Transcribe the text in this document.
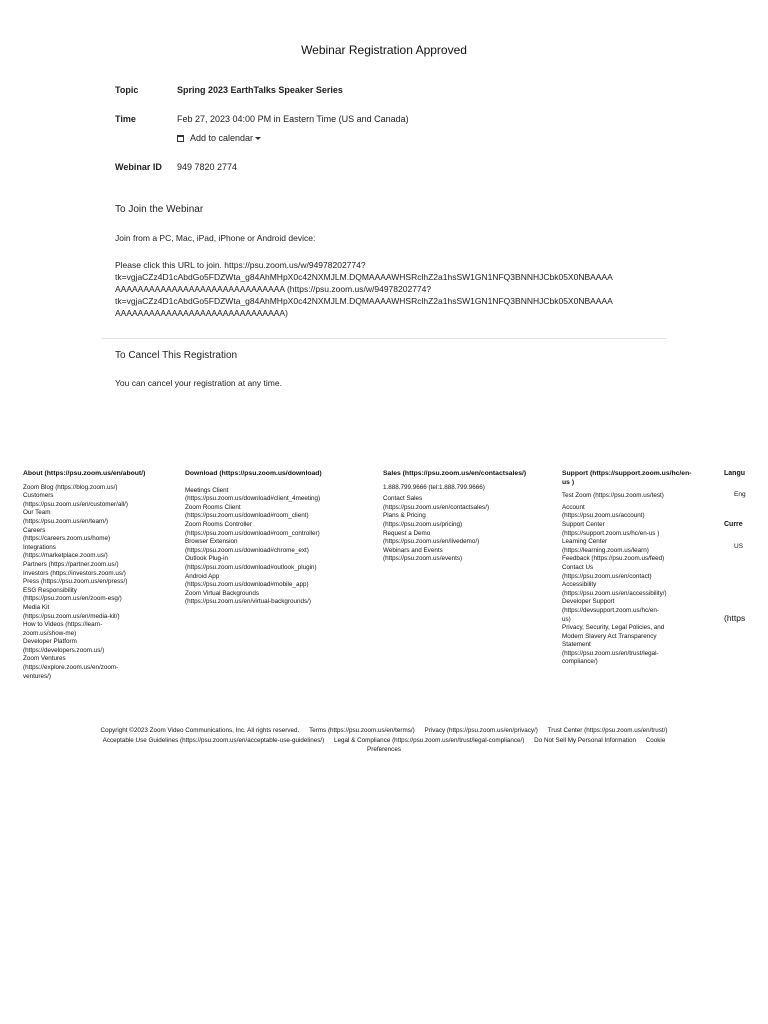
Webinar Registration Approved
Topic	Spring 2023 EarthTalks Speaker Series
Time	Feb 27, 2023 04:00 PM in Eastern Time (US and Canada)
Add to calendar
Webinar ID 949 7820 2774
To Join the Webinar
Join from a PC, Mac, iPad, iPhone or Android device:
Please click this URL to join. https://psu.zoom.us/w/94978202774?
tk=vgjaCZz4D1cAbdGo5FDZWta_g84AhMHpX0c42NXMJLM.DQMAAAAWHSRclhZ2a1hsSW1GN1NFQ3BNNHJCbk05X0NBAAAA
AAAAAAAAAAAAAAAAAAAAAAAAAAAAAA (https://psu.zoom.us/w/94978202774?
tk=vgjaCZz4D1cAbdGo5FDZWta_g84AhMHpX0c42NXMJLM.DQMAAAAWHSRclhZ2a1hsSW1GN1NFQ3BNNHJCbk05X0NBAAAA
AAAAAAAAAAAAAAAAAAAAAAAAAAAAAA)
To Cancel This Registration
You can cancel your registration at any time.
About (https://psu.zoom.us/en/about/)
Zoom Blog (https://blog.zoom.us/)
Customers
(https://psu.zoom.us/en/customer/all/)
Our Team
(https://psu.zoom.us/en/team/)
Careers
(https://careers.zoom.us/home)
Integrations
(https://marketplace.zoom.us/)
Partners (https://partner.zoom.us/)
Investors (https://investors.zoom.us/)
Press (https://psu.zoom.us/en/press/)
ESG Responsibility
(https://psu.zoom.us/en/zoom-esg/)
Media Kit
(https://psu.zoom.us/en/media-kit/)
How to Videos (https://learn-
zoom.us/show-me)
Developer Platform
(https://developers.zoom.us/)
Zoom Ventures
(https://explore.zoom.us/en/zoom-
ventures/)
Download (https://psu.zoom.us/download)
Meetings Client
(https://psu.zoom.us/download#client_4meeting)
Zoom Rooms Client
(https://psu.zoom.us/download#room_client)
Zoom Rooms Controller
(https://psu.zoom.us/download#room_controller)
Browser Extension
(https://psu.zoom.us/download#chrome_ext)
Outlook Plug-in
(https://psu.zoom.us/download#outlook_plugin)
Android App
(https://psu.zoom.us/download#mobile_app)
Zoom Virtual Backgrounds
(https://psu.zoom.us/en/virtual-backgrounds/)
Sales (https://psu.zoom.us/en/contactsales/)
1.888.799.9666 (tel:1.888.799.9666)
Contact Sales
(https://psu.zoom.us/en/contactsales/)
Plans & Pricing
(https://psu.zoom.us/pricing)
Request a Demo
(https://psu.zoom.us/en/livedemo/)
Webinars and Events
(https://psu.zoom.us/events)
Support (https://support.zoom.us/hc/en-us )
Test Zoom (https://psu.zoom.us/test)
Account
(https://psu.zoom.us/account)
Support Center
(https://support.zoom.us/hc/en-us )
Learning Center
(https://learning.zoom.us/learn)
Feedback (https://psu.zoom.us/feed)
Contact Us
(https://psu.zoom.us/en/contact)
Accessibility
(https://psu.zoom.us/en/accessibility/)
Developer Support
(https://devsupport.zoom.us/hc/en-
us)
Privacy, Security, Legal Policies, and
Modern Slavery Act Transparency
Statement
(https://psu.zoom.us/en/trust/legal-
compliance/)
Langu
Eng
Curre
US
(https
Copyright ©2023 Zoom Video Communications, Inc. All rights reserved. Terms (https://psu.zoom.us/en/terms/) Privacy (https://psu.zoom.us/en/privacy/) Trust Center (https://psu.zoom.us/en/trust/)
Acceptable Use Guidelines (https://psu.zoom.us/en/acceptable-use-guidelines/) Legal & Compliance (https://psu.zoom.us/en/trust/legal-compliance/) Do Not Sell My Personal Information Cookie
Preferences
